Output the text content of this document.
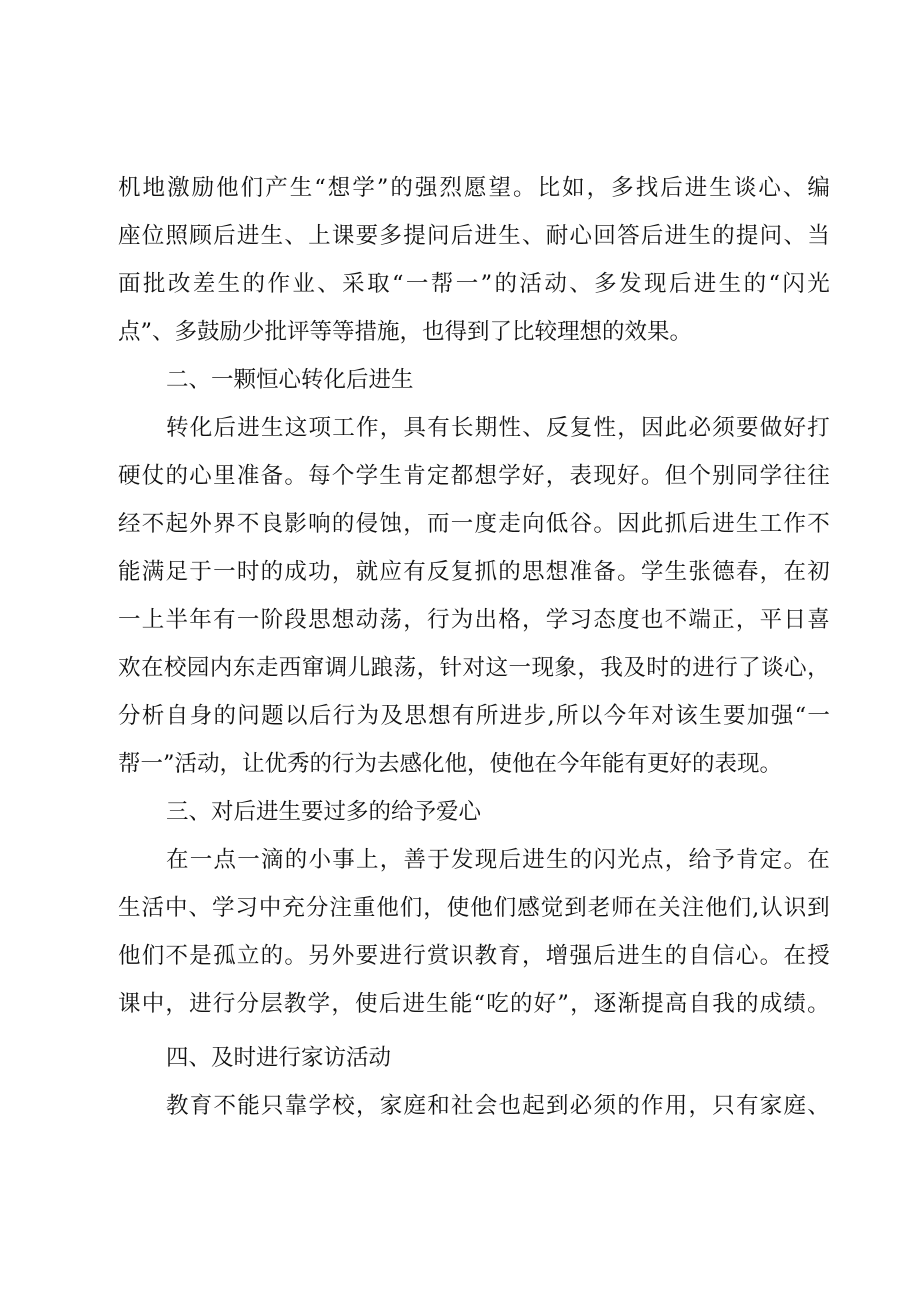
机 地 激 励 他 们 产 生 “ 想 学 ” 的 强 烈 愿 望 。 比 如 ， 多 找 后 进 生 谈 心 、 编
座 位 照 顾 后 进 生 、 上 课 要 多 提 问 后 进 生 、 耐 心 回 答 后 进 生 的 提 问 、 当
面 批 改 差 生 的 作 业 、 采 取 “ 一 帮 一 ” 的 活 动 、 多 发 现 后 进 生 的 “ 闪 光
点”、多鼓励少批评等等措施，也得到了比较理想的效果。
二、一颗恒心转化后进生
转 化 后 进 生 这 项 工 作 ， 具 有 长 期 性 、 反 复 性 ， 因 此 必 须 要 做 好 打
硬 仗 的 心 里 准 备 。 每 个 学 生 肯 定 都 想 学 好 ， 表 现 好 。 但 个 别 同 学 往 往
经 不 起 外 界 不 良 影 响 的 侵 蚀 ， 而 一 度 走 向 低 谷 。 因 此 抓 后 进 生 工 作 不
能 满 足 于 一 时 的 成 功 ， 就 应 有 反 复 抓 的 思 想 准 备 。 学 生 张 德 春 ， 在 初
一 上 半 年 有 一 阶 段 思 想 动 荡 ， 行 为 出 格 ， 学 习 态 度 也 不 端 正 ， 平 日 喜
欢 在 校 园 内 东 走 西 窜 调 儿 踉 荡 ， 针 对 这 一 现 象 ， 我 及 时 的 进 行 了 谈 心 ，
分 析 自 身 的 问 题 以 后 行 为 及 思 想 有 所 进 步 , 所 以 今 年 对 该 生 要 加 强 “ 一
帮一”活动，让优秀的行为去感化他，使他在今年能有更好的表现。
三、对后进生要过多的给予爱心
在 一 点 一 滴 的 小 事 上 ， 善 于 发 现 后 进 生 的 闪 光 点 ， 给 予 肯 定 。 在
生 活 中 、 学 习 中 充 分 注 重 他 们 ， 使 他 们 感 觉 到 老 师 在 关 注 他 们 , 认 识 到
他 们 不 是 孤 立 的 。 另 外 要 进 行 赏 识 教 育 ， 增 强 后 进 生 的 自 信 心 。 在 授
课 中 ， 进 行 分 层 教 学 ， 使 后 进 生 能 “ 吃 的 好 ” ， 逐 渐 提 高 自 我 的 成 绩 。
四、及时进行家访活动
教 育 不 能 只 靠 学 校 ， 家 庭 和 社 会 也 起 到 必 须 的 作 用 ， 只 有 家 庭 、
